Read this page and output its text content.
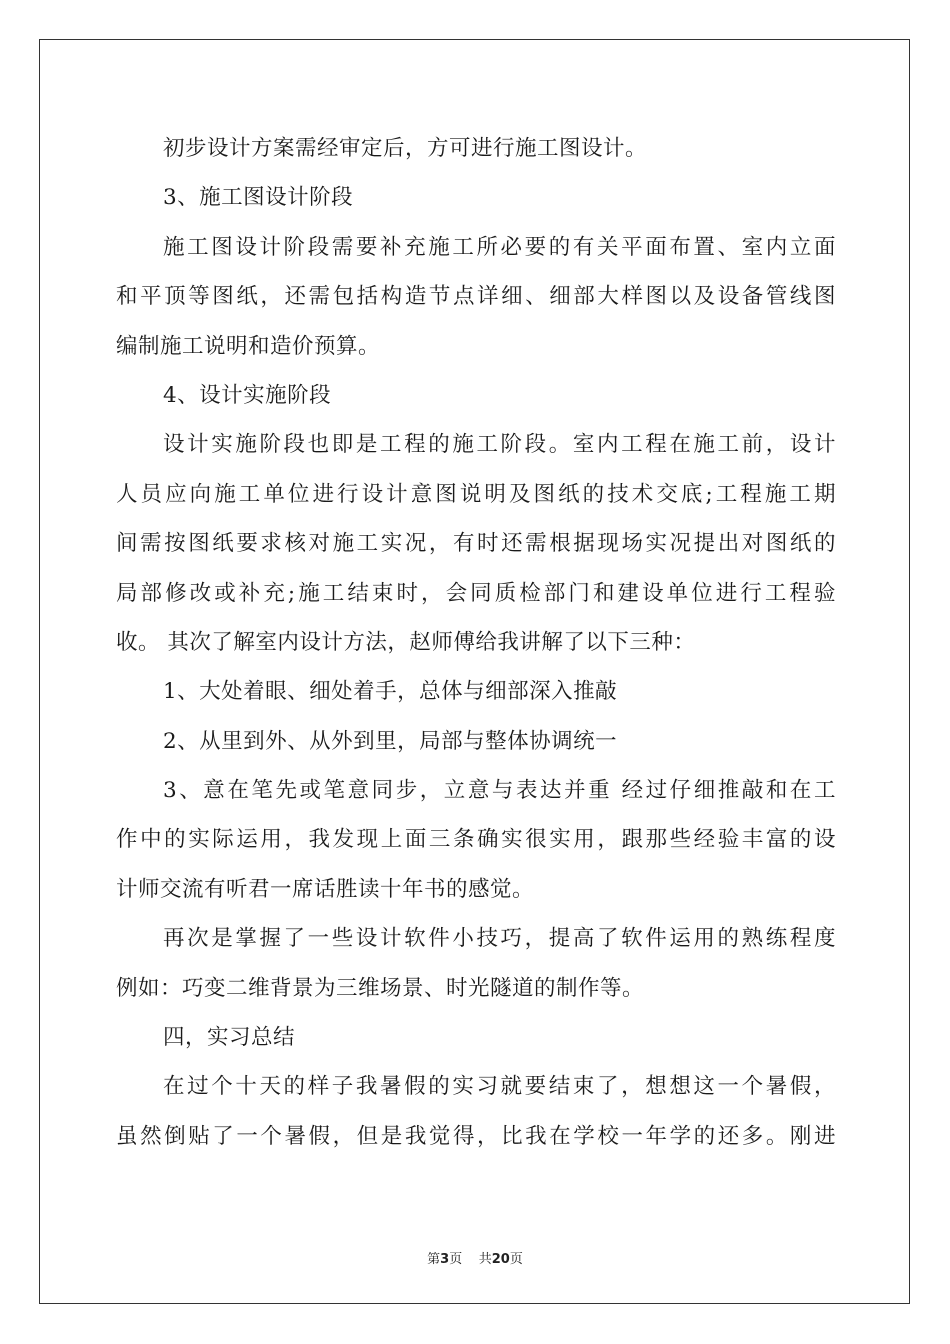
初步设计方案需经审定后，方可进行施工图设计。
3、施工图设计阶段
施工图设计阶段需要补充施工所必要的有关平面布置、室内立面
和平顶等图纸，还需包括构造节点详细、细部大样图以及设备管线图
编制施工说明和造价预算。
4、设计实施阶段
设计实施阶段也即是工程的施工阶段。室内工程在施工前，设计
人员应向施工单位进行设计意图说明及图纸的技术交底;工程施工期
间需按图纸要求核对施工实况，有时还需根据现场实况提出对图纸的
局部修改或补充;施工结束时，会同质检部门和建设单位进行工程验
收。 其次了解室内设计方法，赵师傅给我讲解了以下三种：
1、大处着眼、细处着手，总体与细部深入推敲
2、从里到外、从外到里，局部与整体协调统一
3、意在笔先或笔意同步，立意与表达并重 经过仔细推敲和在工
作中的实际运用，我发现上面三条确实很实用，跟那些经验丰富的设
计师交流有听君一席话胜读十年书的感觉。
再次是掌握了一些设计软件小技巧，提高了软件运用的熟练程度
例如：巧变二维背景为三维场景、时光隧道的制作等。
四，实习总结
在过个十天的样子我暑假的实习就要结束了，想想这一个暑假，
虽然倒贴了一个暑假，但是我觉得，比我在学校一年学的还多。刚进
第3页 共20页
